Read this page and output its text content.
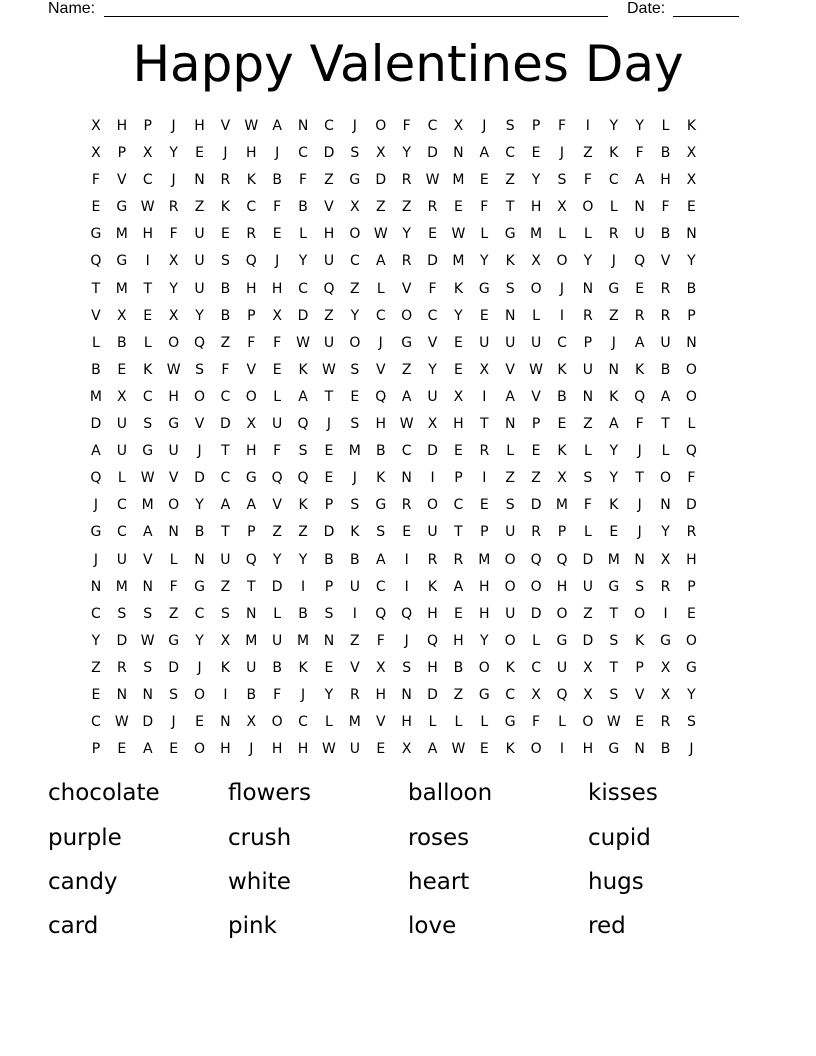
Name:	Date:
Happy Valentines Day
X H P J H V W A N C J O F C X J S P F I Y Y L K
X P X Y E J H J C D S X Y D N A C E J Z K F B X
F V C J N R K B F Z G D R W M E Z Y S F C A H X
E G W R Z K C F B V X Z Z R E F T H X O L N F E
G M H F U E R E L H O W Y E W L G M L L R U B N
Q G I X U S Q J Y U C A R D M Y K X O Y J Q V Y
T M T Y U B H H C Q Z L V F K G S O J N G E R B
V X E X Y B P X D Z Y C O C Y E N L I R Z R R P
L B L O Q Z F F W U O J G V E U U U C P J A U N
B E K W S F V E K W S V Z Y E X V W K U N K B O
M X C H O C O L A T E Q A U X I A V B N K Q A O
D U S G V D X U Q J S H W X H T N P E Z A F T L
A U G U J T H F S E M B C D E R L E K L Y J L Q
Q L W V D C G Q Q E J K N I P I Z Z X S Y T O F
J C M O Y A A V K P S G R O C E S D M F K J N D
G C A N B T P Z Z D K S E U T P U R P L E J Y R
J U V L N U Q Y Y B B A I R R M O Q Q D M N X H
N M N F G Z T D I P U C I K A H O O H U G S R P
C S S Z C S N L B S I Q Q H E H U D O Z T O I E
Y D W G Y X M U M N Z F J Q H Y O L G D S K G O
Z R S D J K U B K E V X S H B O K C U X T P X G
E N N S O I B F J Y R H N D Z G C X Q X S V X Y
C W D J E N X O C L M V H L L L G F L O W E R S
P E A E O H J H H W U E X A W E K O I H G N B J
chocolate	flowers	balloon	kisses
purple	crush	roses	cupid
candy	white	heart	hugs
card	pink	love	red
